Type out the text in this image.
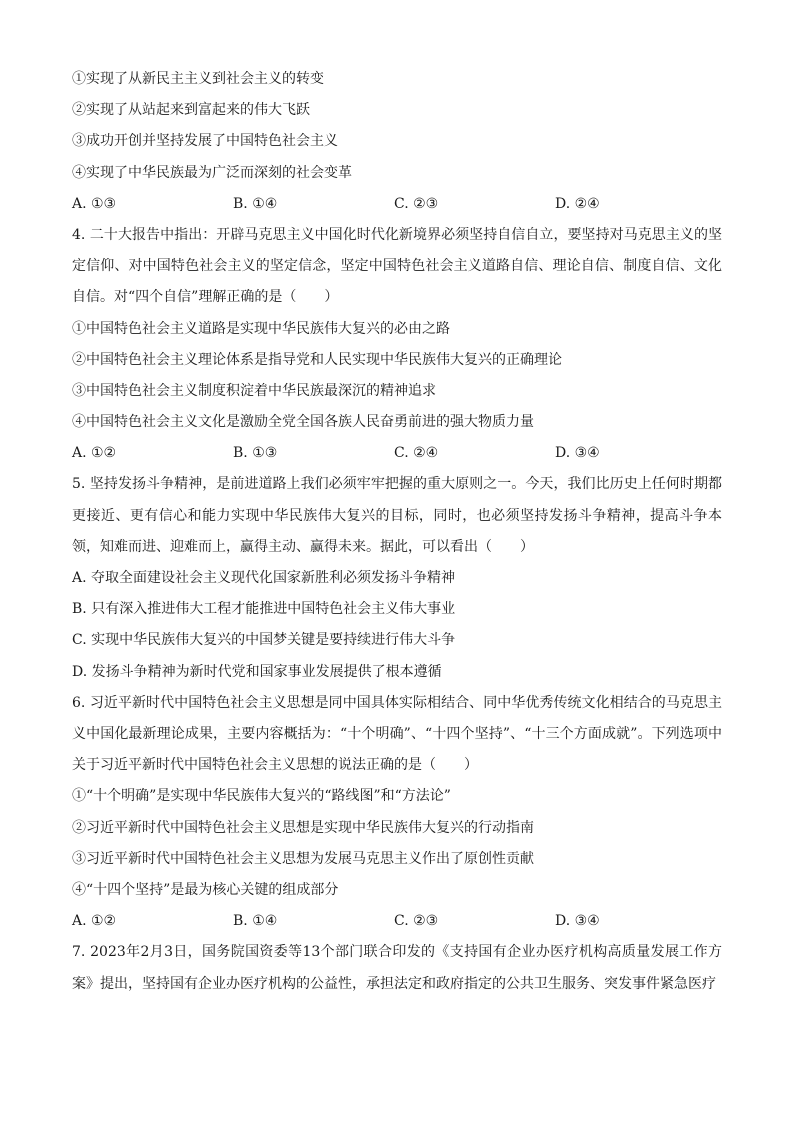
①实现了从新民主主义到社会主义的转变
②实现了从站起来到富起来的伟大飞跃
③成功开创并坚持发展了中国特色社会主义
④实现了中华民族最为广泛而深刻的社会变革
A. ①③	B. ①④	C. ②③	D. ②④
4. 二十大报告中指出：开辟马克思主义中国化时代化新境界必须坚持自信自立，要坚持对马克思主义的坚定信仰、对中国特色社会主义的坚定信念，坚定中国特色社会主义道路自信、理论自信、制度自信、文化自信。对“四个自信”理解正确的是（　　）
①中国特色社会主义道路是实现中华民族伟大复兴的必由之路
②中国特色社会主义理论体系是指导党和人民实现中华民族伟大复兴的正确理论
③中国特色社会主义制度积淀着中华民族最深沉的精神追求
④中国特色社会主义文化是激励全党全国各族人民奋勇前进的强大物质力量
A. ①②	B. ①③	C. ②④	D. ③④
5. 坚持发扬斗争精神，是前进道路上我们必须牢牢把握的重大原则之一。今天，我们比历史上任何时期都更接近、更有信心和能力实现中华民族伟大复兴的目标，同时，也必须坚持发扬斗争精神，提高斗争本领，知难而进、迎难而上，赢得主动、赢得未来。据此，可以看出（　　）
A. 夺取全面建设社会主义现代化国家新胜利必须发扬斗争精神
B. 只有深入推进伟大工程才能推进中国特色社会主义伟大事业
C. 实现中华民族伟大复兴的中国梦关键是要持续进行伟大斗争
D. 发扬斗争精神为新时代党和国家事业发展提供了根本遵循
6. 习近平新时代中国特色社会主义思想是同中国具体实际相结合、同中华优秀传统文化相结合的马克思主义中国化最新理论成果，主要内容概括为：“十个明确”、“十四个坚持”、“十三个方面成就”。下列选项中关于习近平新时代中国特色社会主义思想的说法正确的是（　　）
①“十个明确”是实现中华民族伟大复兴的“路线图”和“方法论”
②习近平新时代中国特色社会主义思想是实现中华民族伟大复兴的行动指南
③习近平新时代中国特色社会主义思想为发展马克思主义作出了原创性贡献
④“十四个坚持”是最为核心关键的组成部分
A. ①②	B. ①④	C. ②③	D. ③④
7. 2023年2月3日，国务院国资委等13个部门联合印发的《支持国有企业办医疗机构高质量发展工作方案》提出，坚持国有企业办医疗机构的公益性，承担法定和政府指定的公共卫生服务、突发事件紧急医疗
